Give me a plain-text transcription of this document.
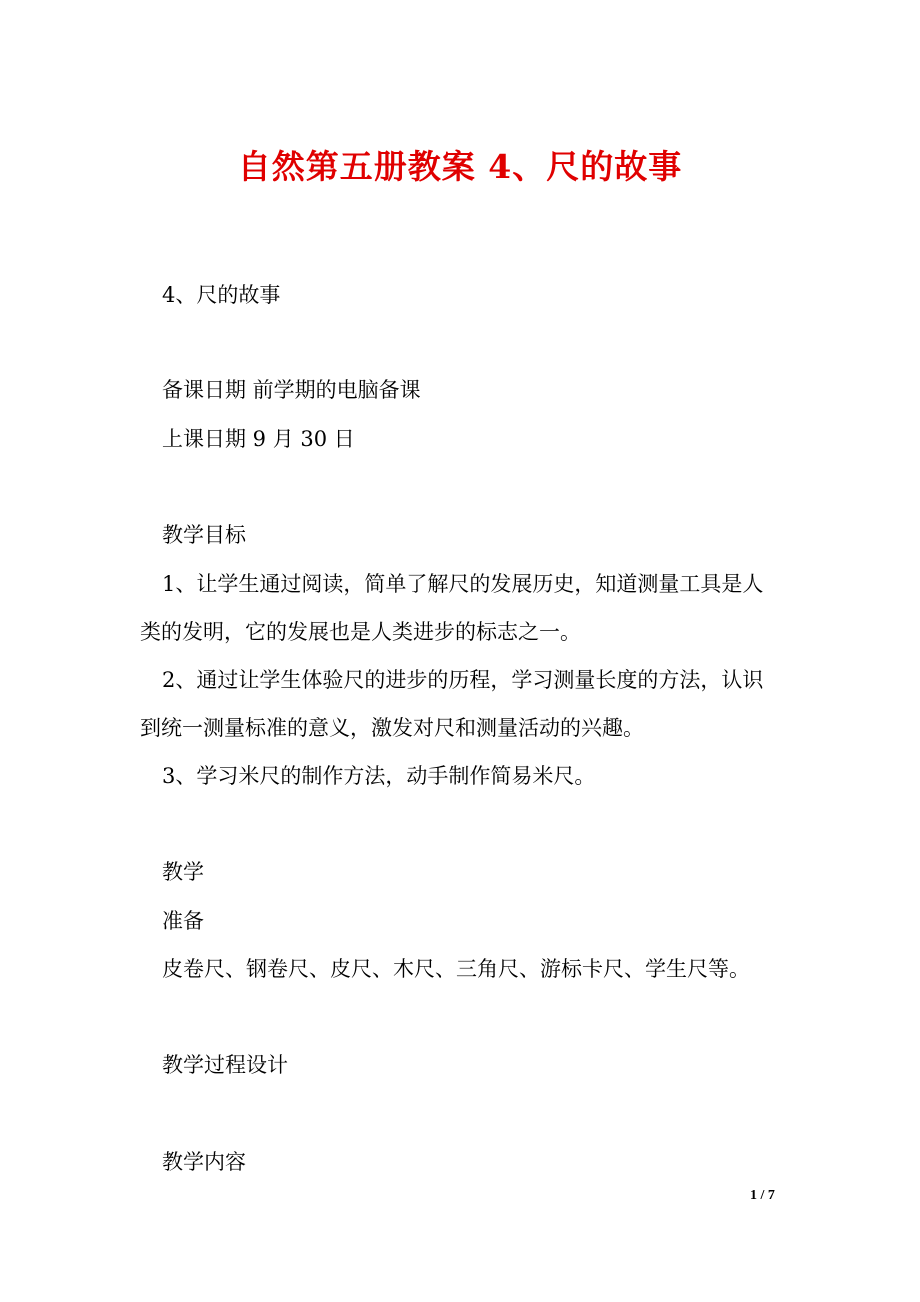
自然第五册教案 4、尺的故事
4、尺的故事
备课日期 前学期的电脑备课
上课日期 9 月 30 日
教学目标
1、让学生通过阅读，简单了解尺的发展历史，知道测量工具是人
类的发明，它的发展也是人类进步的标志之一。
2、通过让学生体验尺的进步的历程，学习测量长度的方法，认识
到统一测量标准的意义，激发对尺和测量活动的兴趣。
3、学习米尺的制作方法，动手制作简易米尺。
教学
准备
皮卷尺、钢卷尺、皮尺、木尺、三角尺、游标卡尺、学生尺等。
教学过程设计
教学内容
1 / 7
